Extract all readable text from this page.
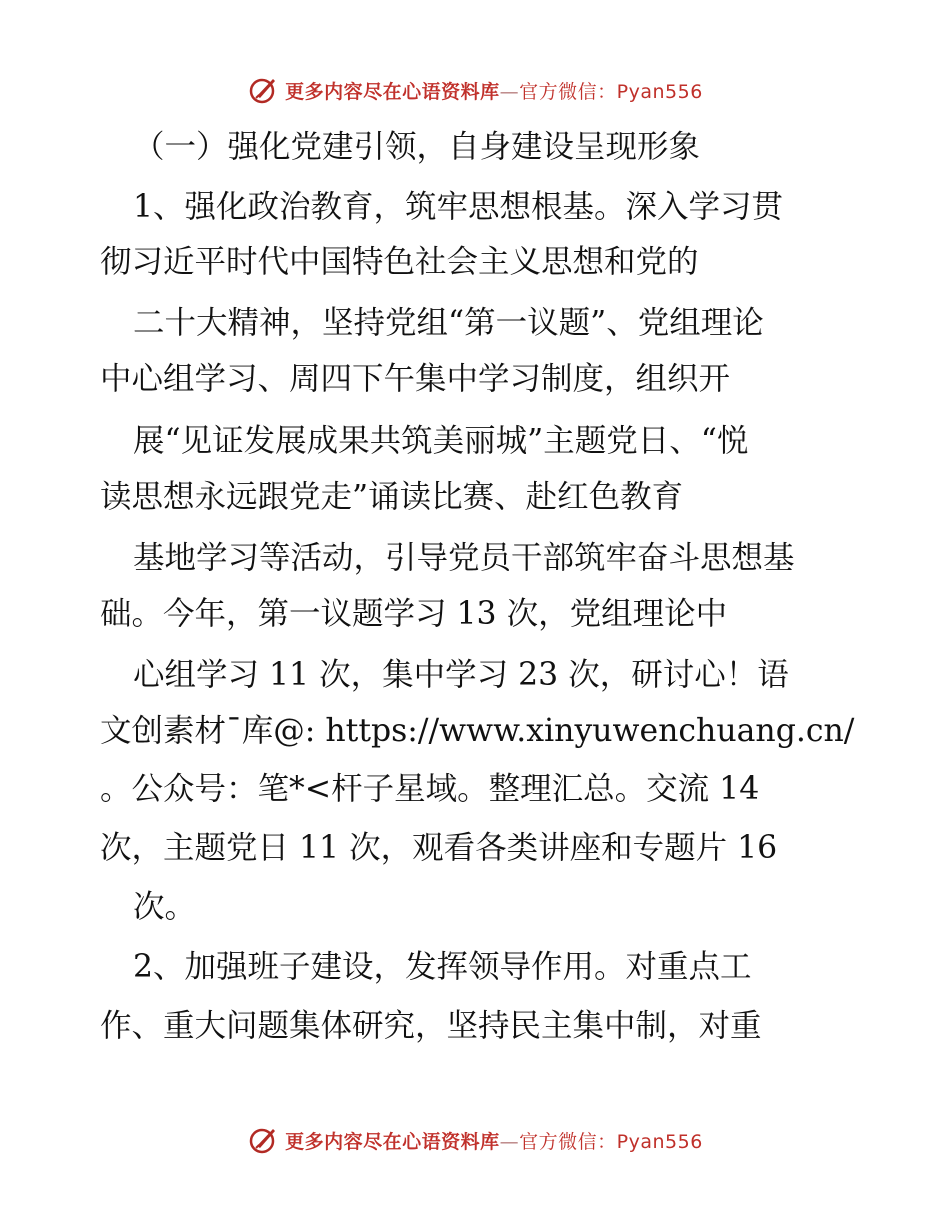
更多内容尽在心语资料库—官方微信：Pyan556
（一）强化党建引领，自身建设呈现形象
1、强化政治教育，筑牢思想根基。深入学习贯
彻习近平时代中国特色社会主义思想和党的
二十大精神，坚持党组“第一议题”、党组理论
中心组学习、周四下午集中学习制度，组织开
展“见证发展成果共筑美丽城”主题党日、“悦
读思想永远跟党走”诵读比赛、赴红色教育
基地学习等活动，引导党员干部筑牢奋斗思想基
础。今年，第一议题学习 13 次，党组理论中
心组学习 11 次，集中学习 23 次，研讨心！语
文创素材¯库@: https://www.xinyuwenchuang.cn/
。公众号：笔*<杆子星域。整理汇总。交流 14
次，主题党日 11 次，观看各类讲座和专题片 16
次。
2、加强班子建设，发挥领导作用。对重点工
作、重大问题集体研究，坚持民主集中制，对重
更多内容尽在心语资料库—官方微信：Pyan556
